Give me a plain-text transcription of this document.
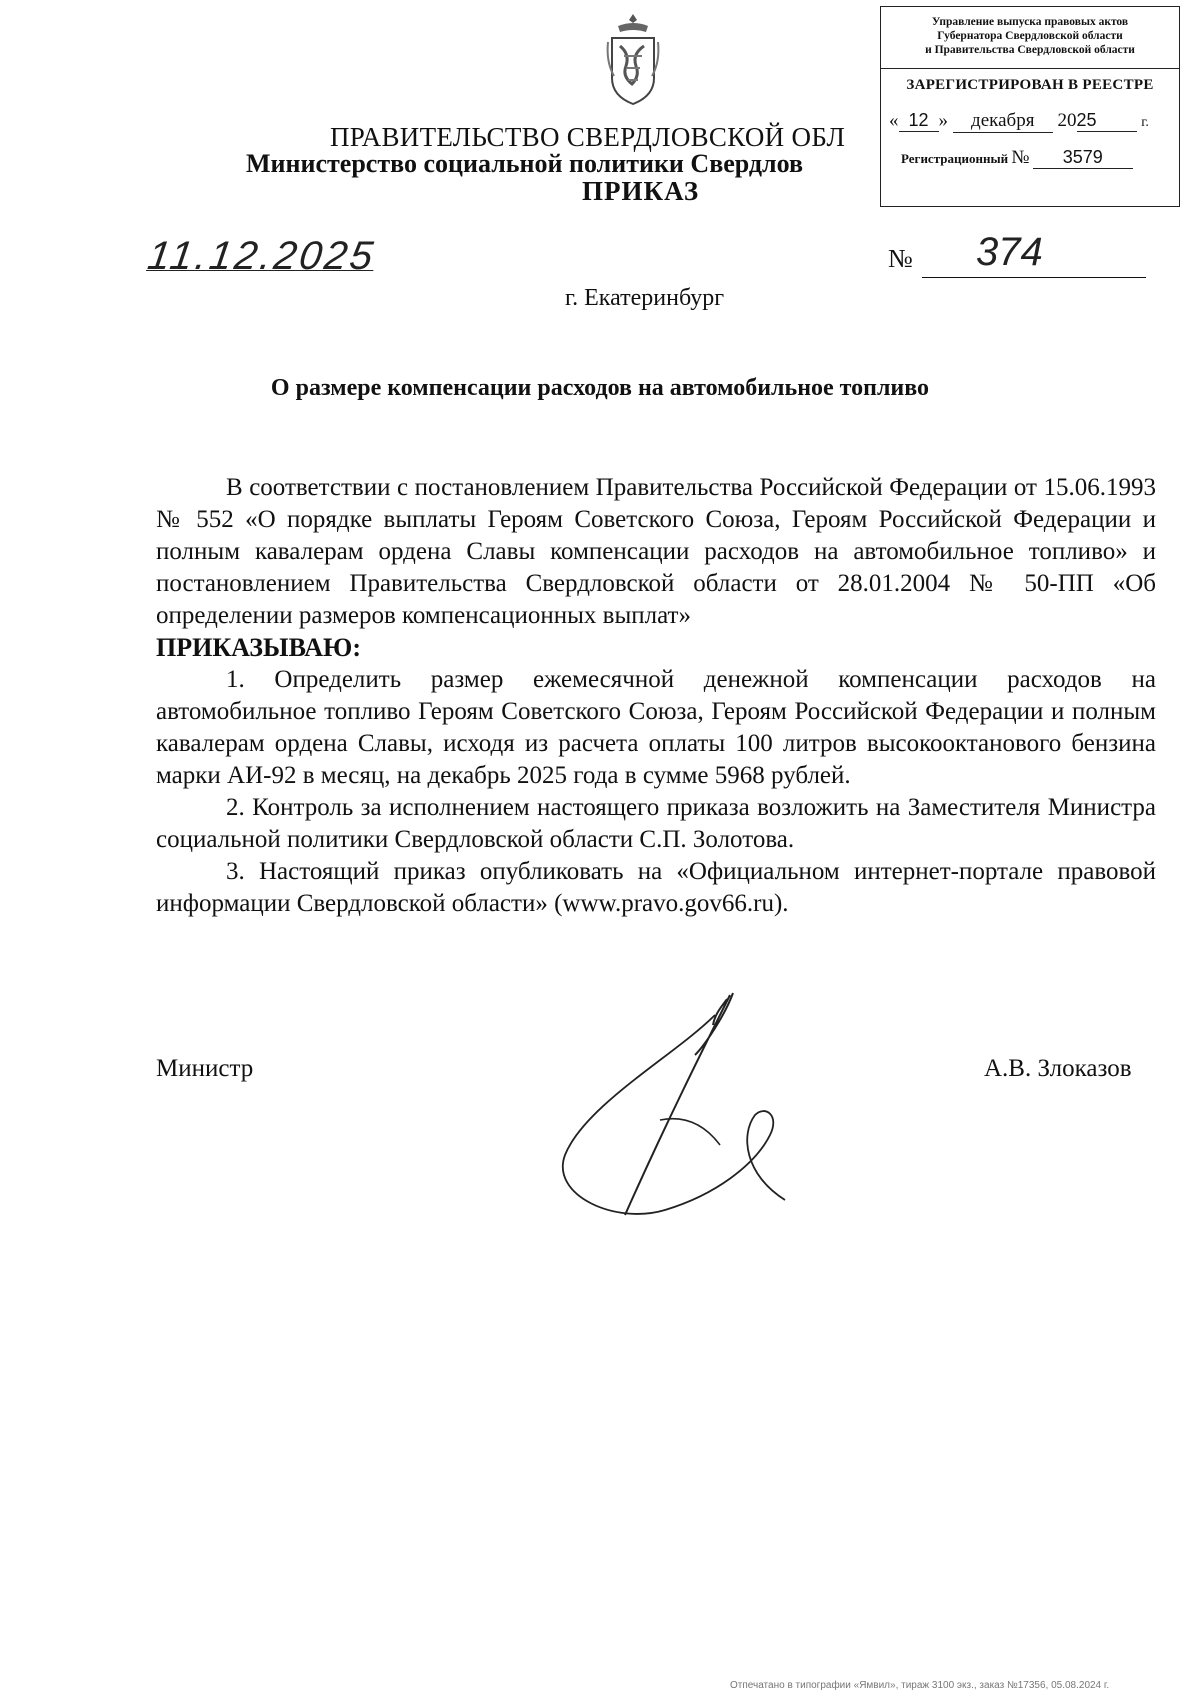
ПРАВИТЕЛЬСТВО СВЕРДЛОВСКОЙ ОБЛ
Министерство социальной политики Свердлов
ПРИКАЗ
Управление выпуска правовых актов
Губернатора Свердловской области
и Правительства Свердловской области
ЗАРЕГИСТРИРОВАН В РЕЕСТРЕ
« 12 » декабря 2025	г.
Регистрационный № 3579
11.12.2025	№	374
г. Екатеринбург
О размере компенсации расходов на автомобильное топливо

В соответствии с постановлением Правительства Российской Федерации от 15.06.1993 № 552 «О порядке выплаты Героям Советского Союза, Героям Российской Федерации и полным кавалерам ордена Славы компенсации расходов на автомобильное топливо» и постановлением Правительства Свердловской области от 28.01.2004 № 50-ПП «Об определении размеров компенсационных выплат»

ПРИКАЗЫВАЮ:

1. Определить размер ежемесячной денежной компенсации расходов на автомобильное топливо Героям Советского Союза, Героям Российской Федерации и полным кавалерам ордена Славы, исходя из расчета оплаты 100 литров высокооктанового бензина марки АИ-92 в месяц, на декабрь 2025 года в сумме 5968 рублей.

2. Контроль за исполнением настоящего приказа возложить на Заместителя Министра социальной политики Свердловской области С.П. Золотова.

3. Настоящий приказ опубликовать на «Официальном интернет-портале правовой информации Свердловской области» (www.pravo.gov66.ru).

Министр	А.В. Злоказов
Отпечатано в типографии «Ямвил», тираж 3100 экз., заказ №17356, 05.08.2024 г.
